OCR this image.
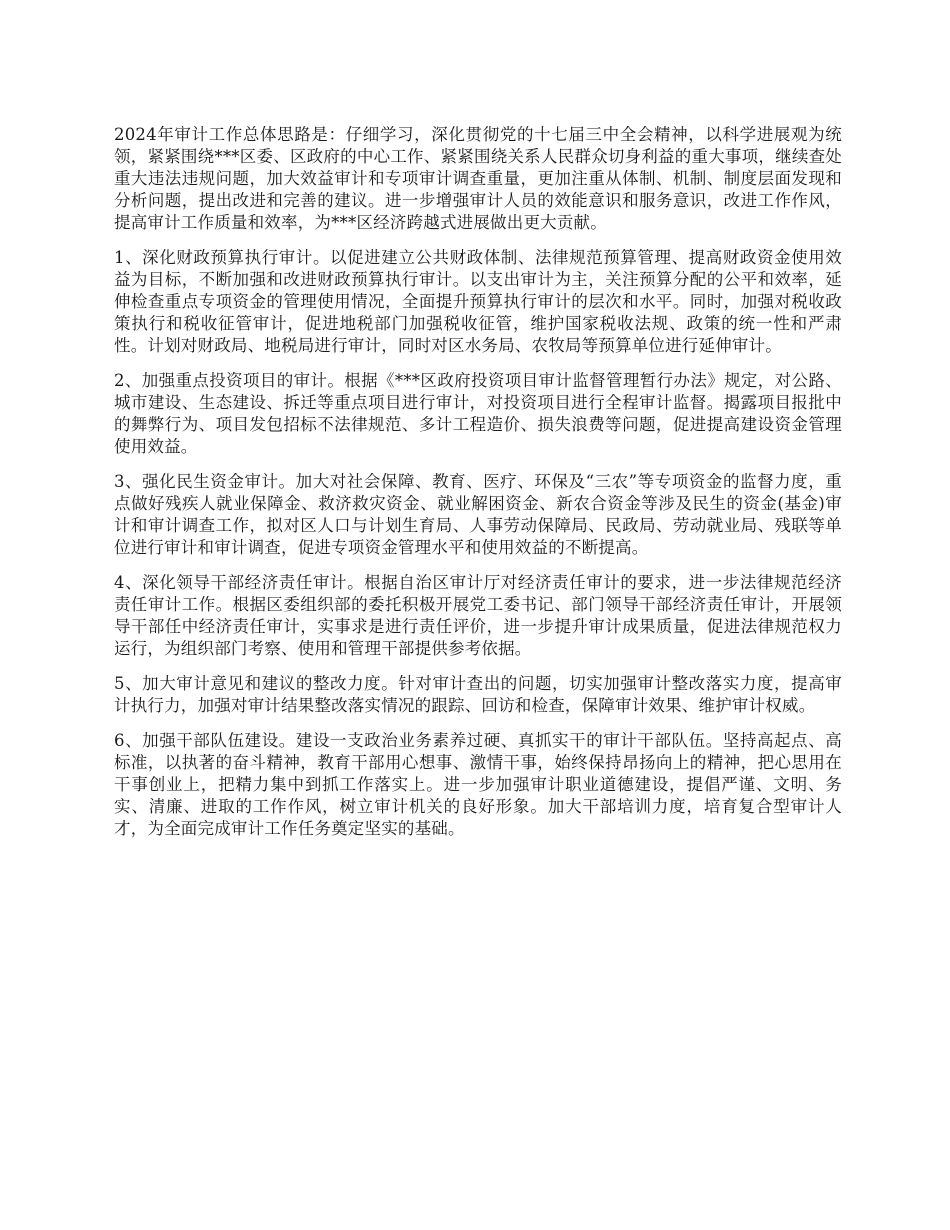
2024年审计工作总体思路是：仔细学习，深化贯彻党的十七届三中全会精神，以科学进展观为统领，紧紧围绕***区委、区政府的中心工作、紧紧围绕关系人民群众切身利益的重大事项，继续查处重大违法违规问题，加大效益审计和专项审计调查重量，更加注重从体制、机制、制度层面发现和分析问题，提出改进和完善的建议。进一步增强审计人员的效能意识和服务意识，改进工作作风，提高审计工作质量和效率，为***区经济跨越式进展做出更大贡献。

1、深化财政预算执行审计。以促进建立公共财政体制、法律规范预算管理、提高财政资金使用效益为目标，不断加强和改进财政预算执行审计。以支出审计为主，关注预算分配的公平和效率，延伸检查重点专项资金的管理使用情况，全面提升预算执行审计的层次和水平。同时，加强对税收政策执行和税收征管审计，促进地税部门加强税收征管，维护国家税收法规、政策的统一性和严肃性。计划对财政局、地税局进行审计，同时对区水务局、农牧局等预算单位进行延伸审计。

2、加强重点投资项目的审计。根据《***区政府投资项目审计监督管理暂行办法》规定，对公路、城市建设、生态建设、拆迁等重点项目进行审计，对投资项目进行全程审计监督。揭露项目报批中的舞弊行为、项目发包招标不法律规范、多计工程造价、损失浪费等问题，促进提高建设资金管理使用效益。

3、强化民生资金审计。加大对社会保障、教育、医疗、环保及“三农”等专项资金的监督力度，重点做好残疾人就业保障金、救济救灾资金、就业解困资金、新农合资金等涉及民生的资金(基金)审计和审计调查工作，拟对区人口与计划生育局、人事劳动保障局、民政局、劳动就业局、残联等单位进行审计和审计调查，促进专项资金管理水平和使用效益的不断提高。

4、深化领导干部经济责任审计。根据自治区审计厅对经济责任审计的要求，进一步法律规范经济责任审计工作。根据区委组织部的委托积极开展党工委书记、部门领导干部经济责任审计，开展领导干部任中经济责任审计，实事求是进行责任评价，进一步提升审计成果质量，促进法律规范权力运行，为组织部门考察、使用和管理干部提供参考依据。

5、加大审计意见和建议的整改力度。针对审计查出的问题，切实加强审计整改落实力度，提高审计执行力，加强对审计结果整改落实情况的跟踪、回访和检查，保障审计效果、维护审计权威。

6、加强干部队伍建设。建设一支政治业务素养过硬、真抓实干的审计干部队伍。坚持高起点、高标准，以执著的奋斗精神，教育干部用心想事、激情干事，始终保持昂扬向上的精神，把心思用在干事创业上，把精力集中到抓工作落实上。进一步加强审计职业道德建设，提倡严谨、文明、务实、清廉、进取的工作作风，树立审计机关的良好形象。加大干部培训力度，培育复合型审计人才，为全面完成审计工作任务奠定坚实的基础。
